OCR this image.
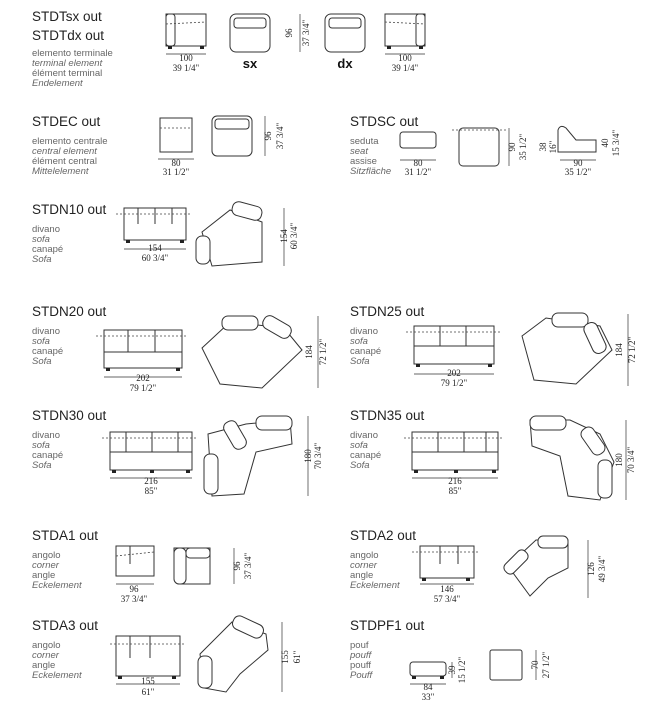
STDTsx out
STDTdx out
elemento terminale
terminal element
élément terminal
Endelement
100
39 1/4"	sx
96 37 3/4"
dx	100
39 1/4"
STDEC out
elemento centrale
central element
élément central
Mittelelement
80
31 1/2"
96 37 3/4"
STDSC out
seduta
seat
assise
Sitzfläche
80
31 1/2"
90 35 1/2" 38 16"
90
35 1/2"
40 15 3/4"
STDN10 out
divano
sofa
canapé
Sofa
154
60 3/4"
154 60 3/4"
STDN20 out
divano
sofa
canapé
Sofa
202
79 1/2"
184 72 1/2"
STDN25 out
divano
sofa
canapé
Sofa
202
79 1/2"
184 72 1/2"
STDN30 out
divano
sofa
canapé
Sofa
216
85"
180 70 3/4"
STDN35 out
divano
sofa
canapé
Sofa
216
85"
180 70 3/4"
STDA1 out
angolo
corner
angle
Eckelement	96
37 3/4"
96 37 3/4"
STDA2 out
angolo
corner
angle
Eckelement	146
57 3/4"
126 49 3/4"
STDA3 out
angolo
corner
angle
Eckelement	155
61"
155 61"
STDPF1 out
pouf
pouff
pouff
Pouff
84
33"
39 15 1/2"	70 27 1/2"
